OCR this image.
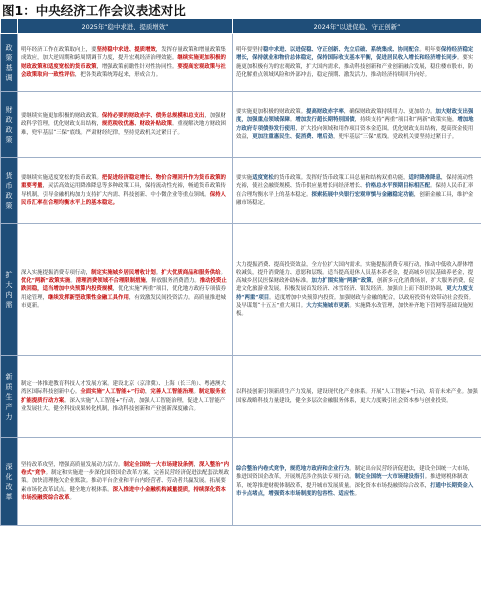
图1：中央经济工作会议表述对比
	2025年“稳中求进、提质增效”	2024年“以进促稳、守正创新”
政策基调	明年经济工作在政策取向上，要坚持稳中求进、提质增效，发挥存量政策和增量政策集成效应，加大逆周期和跨周期调节力度，提升宏观经济治理效能。继续实施更加积极的财政政策和适度宽松的货币政策，增强政策前瞻性针对性协同性。要提高宏观政策与社会政策取向一致性评估，把各类政策统筹起来，形成合力。	明年要坚持稳中求进、以进促稳、守正创新、先立后破、系统集成、协同配合。明年要保持经济稳定增长，保持就业和物价总体稳定，保持国际收支基本平衡，促进居民收入增长和经济增长同步。要实施更加积极有为的宏观政策，扩大国内需求，推动科技创新和产业创新融合发展，稳住楼市股市，防范化解重点领域风险和外部冲击，稳定预期、激发活力，推动经济持续回升向好。
财政政策	要继续实施更加积极的财政政策。保持必要的财政赤字、债务总规模和总支出，加强财政科学管理，优化财政支出结构，规范税收优惠、财政补贴政策。重视解决地方财政困难，兜牢基层“三保”底线。严肃财经纪律，坚持党政机关过紧日子。	要实施更加积极的财政政策。提高财政赤字率，确保财政政策持续用力、更加给力。加大财政支出强度，加强重点领域保障。增加发行超长期特别国债，持续支持“两重”项目和“两新”政策实施。增加地方政府专项债券发行使用，扩大投向领域和用作项目资本金范围。优化财政支出结构，提高资金使用效益，更加注重惠民生、促消费、增后劲，兜牢基层“三保”底线。党政机关要坚持过紧日子。
货币政策	要继续实施适度宽松的货币政策。把促进经济稳定增长、物价合理回升作为货币政策的重要考量，灵活高效运用降准降息等多种政策工具，保持流动性充裕，畅通货币政策传导机制，引导金融机构加力支持扩大内需、科技创新、中小微企业等重点领域。保持人民币汇率在合理均衡水平上的基本稳定。	要实施适度宽松的货币政策。发挥好货币政策工具总量和结构双重功能，适时降准降息，保持流动性充裕，使社会融资规模、货币供应量增长同经济增长、价格总水平预期目标相匹配。保持人民币汇率在合理均衡水平上的基本稳定。探索拓展中央银行宏观审慎与金融稳定功能，创新金融工具，维护金融市场稳定。
扩大内需	深入实施提振消费专项行动，制定实施城乡居民增收计划。扩大优质商品和服务供给。优化“两新”政策实施。清理消费领域不合理限制措施，释放服务消费潜力。推动投资止跌回稳，适当增加中央预算内投资规模，优化实施“两重”项目，优化地方政府专项债券用途管理，继续发挥新型政策性金融工具作用，有效激发民间投资活力。高质量推进城市更新。	大力提振消费、提高投资效益，全方位扩大国内需求。实施提振消费专项行动，推动中低收入群体增收减负，提升消费能力、意愿和层级。适当提高退休人员基本养老金，提高城乡居民基础养老金，提高城乡居民医保财政补助标准。加力扩围实施“两新”政策，创新多元化消费场景，扩大服务消费，促进文化旅游业发展。积极发展首发经济、冰雪经济、银发经济。加强自上而下组织协调，更大力度支持“两重”项目。适度增加中央预算内投资。加强财政与金融的配合，以政府投资有效带动社会投资。及早谋划“十五五”重大项目。大力实施城市更新。实施降水改管理，加快补齐地下管网等基础设施短板。
新质生产力	制定一体推进教育科技人才发展方案。建设北京（京津冀）、上海（长三角）、粤港澳大湾区国际科技创新中心。全面实施“人工智能+”行动，完善人工智能治理。制定服务业扩能提质行动方案。深入实施“人工智能+”行动，加强人工智能治理，促进人工智能产业发展壮大。健全科技成果转化机制，推动科技创新和产业创新深度融合。	以科技创新引领新质生产力发展，建设现代化产业体系。开展“人工智能+”行动，培育未来产业。加强国家战略科技力量建设，健全多层次金融服务体系，更大力度吸引社会资本参与创业投资。
深化改革	坚持改革攻坚，增强高质量发展动力活力。制定全国统一大市场建设条例，深入整治“内卷式”竞争。制定和实施进一步深化国资国企改革方案，完善民营经济促进法配套法规政策。加快清理拖欠企业账款。推动平台企业和平台内经营者、劳动者共赢发展。拓展要素市场化改革试点。健全地方税体系。深入推进中小金融机构减量提质，持续深化资本市场投融资综合改革。	综合整治内卷式竞争，规范地方政府和企业行为。制定出台民营经济促进法，建设全国统一大市场，推进国资国企改革，开展规范涉企执法专项行动。制定全国统一大市场建设指引。推进财税体制改革，统筹推进财税体制改革，提升城市发展质量。深化资本市场投融资综合改革，打通中长期资金入市卡点堵点，增强资本市场制度的包容性、适应性。
